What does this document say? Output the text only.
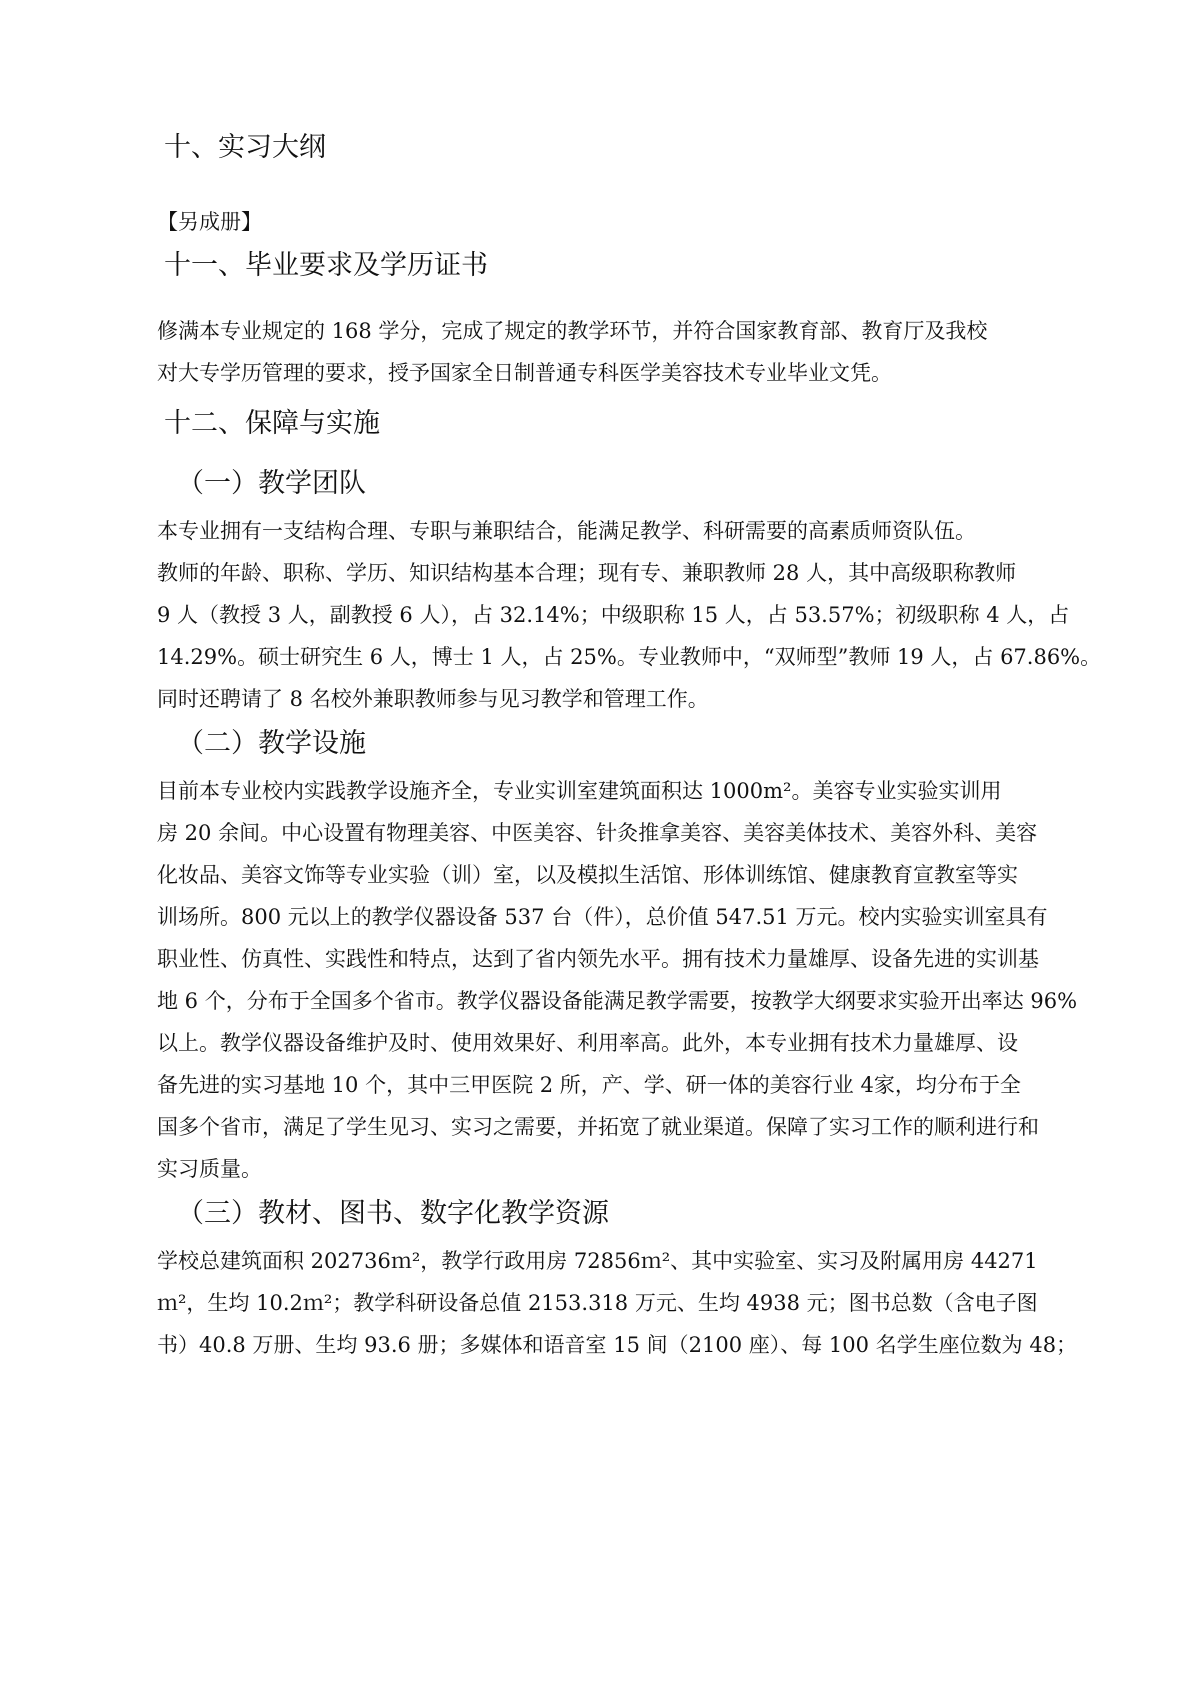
十、实习大纲

【另成册】

十一、毕业要求及学历证书
修满本专业规定的 168 学分，完成了规定的教学环节，并符合国家教育部、教育厅及我校
对大专学历管理的要求，授予国家全日制普通专科医学美容技术专业毕业文凭。
十二、保障与实施
（一）教学团队
本专业拥有一支结构合理、专职与兼职结合，能满足教学、科研需要的高素质师资队伍。
教师的年龄、职称、学历、知识结构基本合理；现有专、兼职教师 28 人，其中高级职称教师
9 人（教授 3 人，副教授 6 人），占 32.14%；中级职称 15 人，占 53.57%；初级职称 4 人，占
14.29%。硕士研究生 6 人，博士 1 人，占 25%。专业教师中，“双师型”教师 19 人，占 67.86%。
同时还聘请了 8 名校外兼职教师参与见习教学和管理工作。
（二）教学设施
目前本专业校内实践教学设施齐全，专业实训室建筑面积达 1000m²。美容专业实验实训用
房 20 余间。中心设置有物理美容、中医美容、针灸推拿美容、美容美体技术、美容外科、美容
化妆品、美容文饰等专业实验（训）室，以及模拟生活馆、形体训练馆、健康教育宣教室等实
训场所。800 元以上的教学仪器设备 537 台（件），总价值 547.51 万元。校内实验实训室具有
职业性、仿真性、实践性和特点，达到了省内领先水平。拥有技术力量雄厚、设备先进的实训基
地 6 个，分布于全国多个省市。教学仪器设备能满足教学需要，按教学大纲要求实验开出率达 96%
以上。教学仪器设备维护及时、使用效果好、利用率高。此外，本专业拥有技术力量雄厚、设
备先进的实习基地 10 个，其中三甲医院 2 所，产、学、研一体的美容行业 4家，均分布于全
国多个省市，满足了学生见习、实习之需要，并拓宽了就业渠道。保障了实习工作的顺利进行和
实习质量。
（三）教材、图书、数字化教学资源
学校总建筑面积 202736ｍ²，教学行政用房 72856ｍ²、其中实验室、实习及附属用房 44271
ｍ²，生均 10.2ｍ²；教学科研设备总值 2153.318 万元、生均 4938 元；图书总数（含电子图
书）40.8 万册、生均 93.6 册；多媒体和语音室 15 间（2100 座）、每 100 名学生座位数为 48；
